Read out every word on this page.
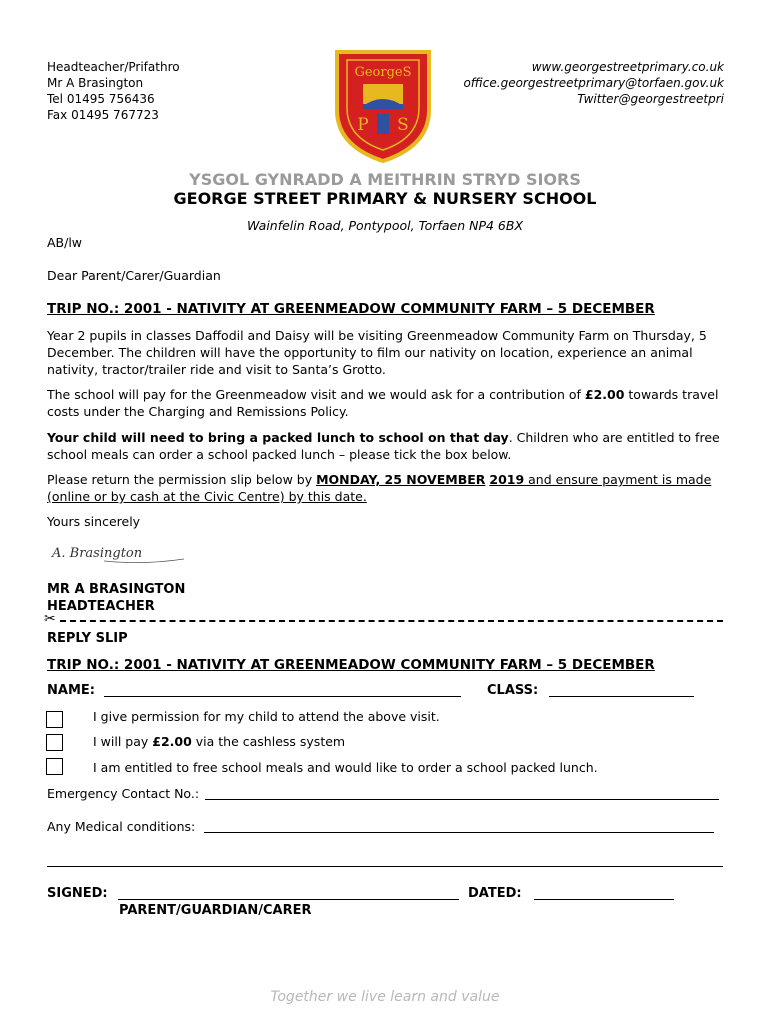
Headteacher/Prifathro
Mr A Brasington
Tel 01495 756436
Fax 01495 767723
GeorgeS
P S
www.georgestreetprimary.co.uk
office.georgestreetprimary@torfaen.gov.uk
Twitter@georgestreetpri
YSGOL GYNRADD A MEITHRIN STRYD SIORS
GEORGE STREET PRIMARY & NURSERY SCHOOL
Wainfelin Road, Pontypool, Torfaen NP4 6BX
AB/lw
Dear Parent/Carer/Guardian
TRIP NO.: 2001 - NATIVITY AT GREENMEADOW COMMUNITY FARM – 5 DECEMBER
Year 2 pupils in classes Daffodil and Daisy will be visiting Greenmeadow Community Farm on Thursday, 5 December. The children will have the opportunity to film our nativity on location, experience an animal nativity, tractor/trailer ride and visit to Santa’s Grotto.
The school will pay for the Greenmeadow visit and we would ask for a contribution of £2.00 towards travel costs under the Charging and Remissions Policy.
Your child will need to bring a packed lunch to school on that day. Children who are entitled to free school meals can order a school packed lunch – please tick the box below.
Please return the permission slip below by MONDAY, 25 NOVEMBER 2019 and ensure payment is made (online or by cash at the Civic Centre) by this date.
Yours sincerely
A. Brasington
MR A BRASINGTON
HEADTEACHER
✂
REPLY SLIP
TRIP NO.: 2001 - NATIVITY AT GREENMEADOW COMMUNITY FARM – 5 DECEMBER
NAME:	CLASS:
I give permission for my child to attend the above visit.
I will pay £2.00 via the cashless system
I am entitled to free school meals and would like to order a school packed lunch.
Emergency Contact No.:
Any Medical conditions:
SIGNED:	DATED:
PARENT/GUARDIAN/CARER
Together we live learn and value
